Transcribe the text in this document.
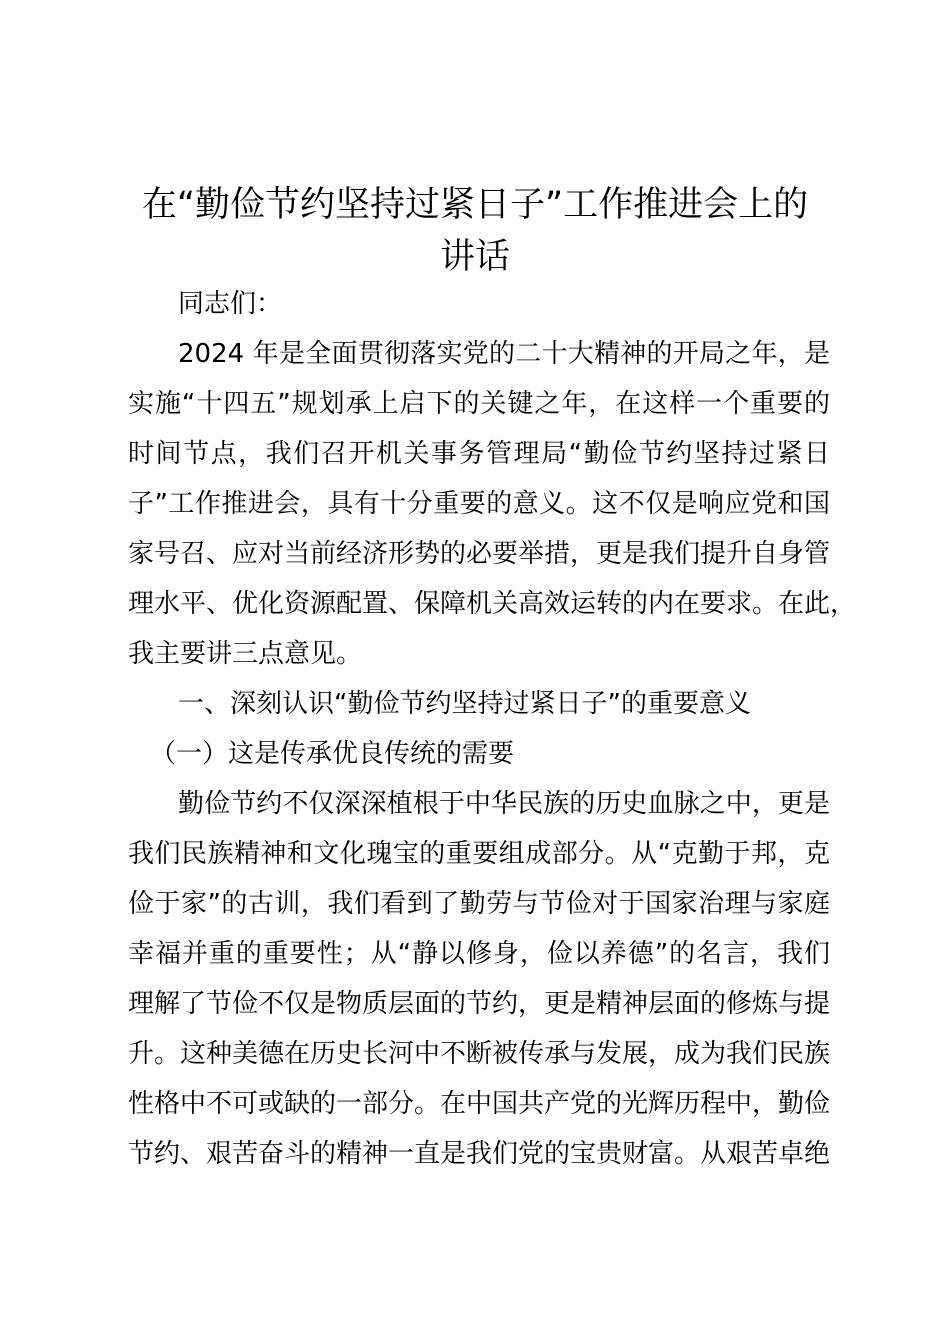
在“勤俭节约坚持过紧日子”工作推进会上的
讲话

同志们：

2024 年是全面贯彻落实党的二十大精神的开局之年，是

实施“十四五”规划承上启下的关键之年，在这样一个重要的

时间节点，我们召开机关事务管理局“勤俭节约坚持过紧日

子”工作推进会，具有十分重要的意义。这不仅是响应党和国

家号召、应对当前经济形势的必要举措，更是我们提升自身管

理水平、优化资源配置、保障机关高效运转的内在要求。在此，

我主要讲三点意见。

一、深刻认识“勤俭节约坚持过紧日子”的重要意义

（一）这是传承优良传统的需要

勤俭节约不仅深深植根于中华民族的历史血脉之中，更是

我们民族精神和文化瑰宝的重要组成部分。从“克勤于邦，克

俭于家”的古训，我们看到了勤劳与节俭对于国家治理与家庭

幸福并重的重要性；从“静以修身，俭以养德”的名言，我们

理解了节俭不仅是物质层面的节约，更是精神层面的修炼与提

升。这种美德在历史长河中不断被传承与发展，成为我们民族

性格中不可或缺的一部分。在中国共产党的光辉历程中，勤俭

节约、艰苦奋斗的精神一直是我们党的宝贵财富。从艰苦卓绝
